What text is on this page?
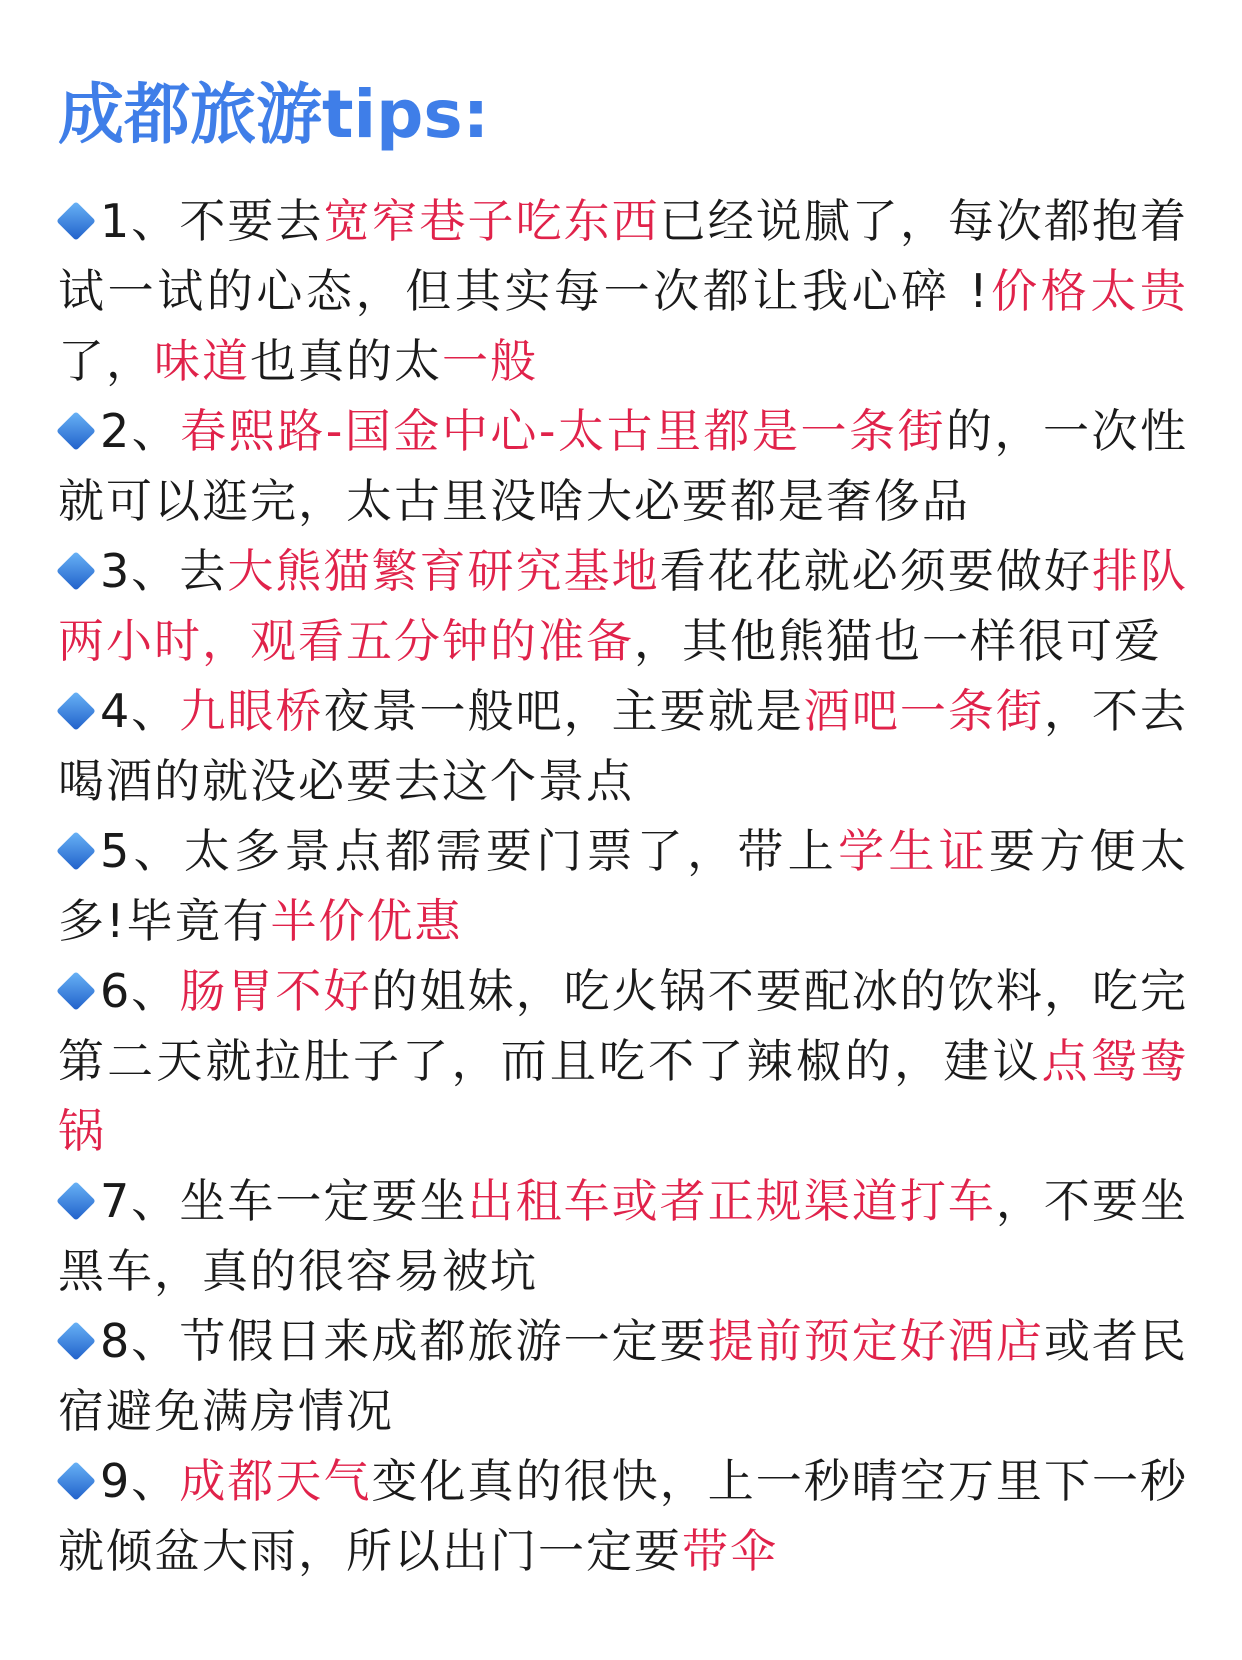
成都旅游tips:

1、不要去宽窄巷子吃东西已经说腻了，每次都抱着试一试的心态，但其实每一次都让我心碎 !价格太贵了，味道也真的太一般

2、春熙路-国金中心-太古里都是一条街的，一次性就可以逛完，太古里没啥大必要都是奢侈品

3、去大熊猫繁育研究基地看花花就必须要做好排队两小时，观看五分钟的准备，其他熊猫也一样很可爱

4、九眼桥夜景一般吧，主要就是酒吧一条街，不去喝酒的就没必要去这个景点

5、太多景点都需要门票了，带上学生证要方便太多!毕竟有半价优惠

6、肠胃不好的姐妹，吃火锅不要配冰的饮料，吃完第二天就拉肚子了，而且吃不了辣椒的，建议点鸳鸯锅

7、坐车一定要坐出租车或者正规渠道打车，不要坐黑车，真的很容易被坑

8、节假日来成都旅游一定要提前预定好酒店或者民宿避免满房情况

9、成都天气变化真的很快，上一秒晴空万里下一秒就倾盆大雨，所以出门一定要带伞
